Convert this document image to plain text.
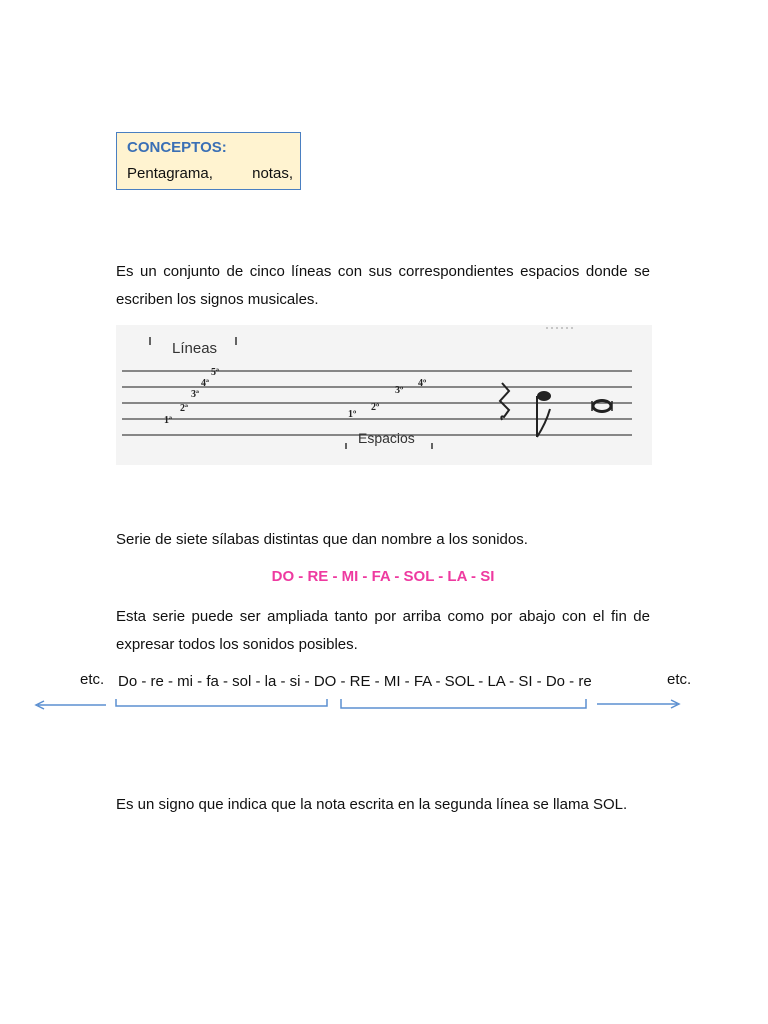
CONCEPTOS:
Pentagrama,	notas,

Es un conjunto de cinco líneas con sus correspondientes espacios donde se escriben los signos musicales.

Líneas
1ª
2ª
3ª
4ª
5ª
1º
2º
3º
4º
Espacios

Serie de siete sílabas distintas que dan nombre a los sonidos.

DO - RE - MI - FA - SOL - LA - SI

Esta serie puede ser ampliada tanto por arriba como por abajo con el fin de expresar todos los sonidos posibles.

etc. Do - re - mi - fa - sol - la - si - DO - RE - MI - FA - SOL - LA - SI - Do - re	etc.

Es un signo que indica que la nota escrita en la segunda línea se llama SOL.
